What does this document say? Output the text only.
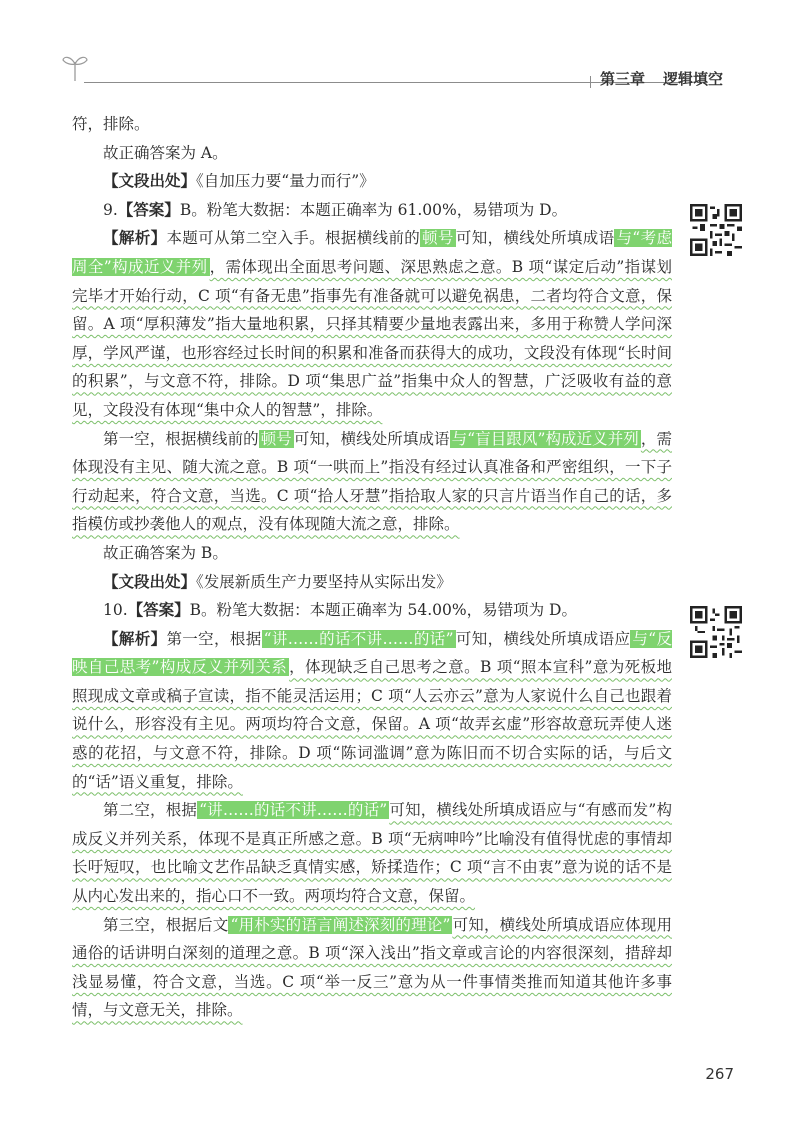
第三章 逻辑填空

符，排除。

故正确答案为 A。

【文段出处】《自加压力要“量力而行”》

9.【答案】B。粉笔大数据：本题正确率为 61.00%，易错项为 D。

【解析】本题可从第二空入手。根据横线前的 顿号 可知，横线处所填成语 与“考虑周全”构成近义并列 ，需体现出全面思考问题、深思熟虑之意。B 项“谋定后动”指谋划完毕才开始行动，C 项“有备无患”指事先有准备就可以避免祸患，二者均符合文意，保留。A 项“厚积薄发”指大量地积累，只择其精要少量地表露出来，多用于称赞人学问深厚，学风严谨，也形容经过长时间的积累和准备而获得大的成功，文段没有体现“长时间的积累”，与文意不符，排除。D 项“集思广益”指集中众人的智慧，广泛吸收有益的意见，文段没有体现“集中众人的智慧”，排除。

第一空，根据横线前的 顿号 可知，横线处所填成语 与“盲目跟风”构成近义并列 ，需体现没有主见、随大流之意。B 项“一哄而上”指没有经过认真准备和严密组织，一下子行动起来，符合文意，当选。C 项“拾人牙慧”指拾取人家的只言片语当作自己的话，多指模仿或抄袭他人的观点，没有体现随大流之意，排除。

故正确答案为 B。

【文段出处】《发展新质生产力要坚持从实际出发》

10.【答案】B。粉笔大数据：本题正确率为 54.00%，易错项为 D。

【解析】第一空，根据 “讲……的话不讲……的话” 可知，横线处所填成语应 与“反映自己思考”构成反义并列关系 ，体现缺乏自己思考之意。B 项“照本宣科”意为死板地照现成文章或稿子宣读，指不能灵活运用；C 项“人云亦云”意为人家说什么自己也跟着说什么，形容没有主见。两项均符合文意，保留。A 项“故弄玄虚”形容故意玩弄使人迷惑的花招，与文意不符，排除。D 项“陈词滥调”意为陈旧而不切合实际的话，与后文的“话”语义重复，排除。

第二空，根据 “讲……的话不讲……的话” 可知，横线处所填成语应与“有感而发”构成反义并列关系，体现不是真正所感之意。B 项“无病呻吟”比喻没有值得忧虑的事情却长吁短叹，也比喻文艺作品缺乏真情实感，矫揉造作；C 项“言不由衷”意为说的话不是从内心发出来的，指心口不一致。两项均符合文意，保留。

第三空，根据后文 “用朴实的语言阐述深刻的理论” 可知，横线处所填成语应体现用通俗的话讲明白深刻的道理之意。B 项“深入浅出”指文章或言论的内容很深刻，措辞却浅显易懂，符合文意，当选。C 项“举一反三”意为从一件事情类推而知道其他许多事情，与文意无关，排除。

267
